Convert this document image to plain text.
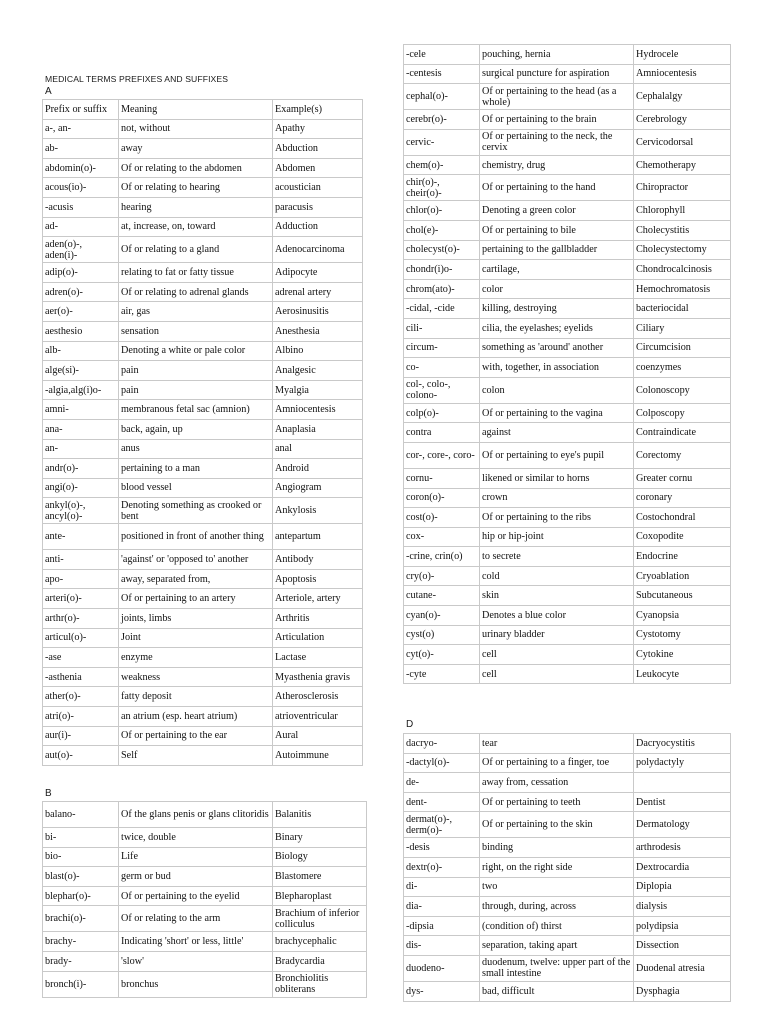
MEDICAL TERMS PREFIXES AND SUFFIXES
A
B
D
Prefix or suffix	Meaning	Example(s)
a-, an-	not, without	Apathy
ab-	away	Abduction
abdomin(o)-	Of or relating to the abdomen	Abdomen
acous(io)-	Of or relating to hearing	acoustician
-acusis	hearing	paracusis
ad-	at, increase, on, toward	Adduction
aden(o)-, aden(i)-	Of or relating to a gland	Adenocarcinoma
adip(o)-	relating to fat or fatty tissue	Adipocyte
adren(o)-	Of or relating to adrenal glands	adrenal artery
aer(o)-	air, gas	Aerosinusitis
aesthesio	sensation	Anesthesia
alb-	Denoting a white or pale color	Albino
alge(si)-	pain	Analgesic
-algia,alg(i)o-	pain	Myalgia
amni-	membranous fetal sac (amnion)	Amniocentesis
ana-	back, again, up	Anaplasia
an-	anus	anal
andr(o)-	pertaining to a man	Android
angi(o)-	blood vessel	Angiogram
ankyl(o)-, ancyl(o)-	Denoting something as crooked or bent	Ankylosis
ante-	positioned in front of another thing	antepartum
anti-	'against' or 'opposed to' another	Antibody
apo-	away, separated from,	Apoptosis
arteri(o)-	Of or pertaining to an artery	Arteriole, artery
arthr(o)-	joints, limbs	Arthritis
articul(o)-	Joint	Articulation
-ase	enzyme	Lactase
-asthenia	weakness	Myasthenia gravis
ather(o)-	fatty deposit	Atherosclerosis
atri(o)-	an atrium (esp. heart atrium)	atrioventricular
aur(i)-	Of or pertaining to the ear	Aural
aut(o)-	Self	Autoimmune
balano-	Of the glans penis or glans clitoridis	Balanitis
bi-	twice, double	Binary
bio-	Life	Biology
blast(o)-	germ or bud	Blastomere
blephar(o)-	Of or pertaining to the eyelid	Blepharoplast
brachi(o)-	Of or relating to the arm	Brachium of inferior colliculus
brachy-	Indicating 'short' or less, little'	brachycephalic
brady-	'slow'	Bradycardia
bronch(i)-	bronchus	Bronchiolitis obliterans
-cele	pouching, hernia	Hydrocele
-centesis	surgical puncture for aspiration	Amniocentesis
cephal(o)-	Of or pertaining to the head (as a whole)	Cephalalgy
cerebr(o)-	Of or pertaining to the brain	Cerebrology
cervic-	Of or pertaining to the neck, the cervix	Cervicodorsal
chem(o)-	chemistry, drug	Chemotherapy
chir(o)-, cheir(o)-	Of or pertaining to the hand	Chiropractor
chlor(o)-	Denoting a green color	Chlorophyll
chol(e)-	Of or pertaining to bile	Cholecystitis
cholecyst(o)-	pertaining to the gallbladder	Cholecystectomy
chondr(i)o-	cartilage,	Chondrocalcinosis
chrom(ato)-	color	Hemochromatosis
-cidal, -cide	killing, destroying	bacteriocidal
cili-	cilia, the eyelashes; eyelids	Ciliary
circum-	something as 'around' another	Circumcision
co-	with, together, in association	coenzymes
col-, colo-, colono-	colon	Colonoscopy
colp(o)-	Of or pertaining to the vagina	Colposcopy
contra	against	Contraindicate
cor-, core-, coro-	Of or pertaining to eye's pupil	Corectomy
cornu-	likened or similar to horns	Greater cornu
coron(o)-	crown	coronary
cost(o)-	Of or pertaining to the ribs	Costochondral
cox-	hip or hip-joint	Coxopodite
-crine, crin(o)	to secrete	Endocrine
cry(o)-	cold	Cryoablation
cutane-	skin	Subcutaneous
cyan(o)-	Denotes a blue color	Cyanopsia
cyst(o)	urinary bladder	Cystotomy
cyt(o)-	cell	Cytokine
-cyte	cell	Leukocyte
dacryo-	tear	Dacryocystitis
-dactyl(o)-	Of or pertaining to a finger, toe	polydactyly
de-	away from, cessation	
dent-	Of or pertaining to teeth	Dentist
dermat(o)-, derm(o)-	Of or pertaining to the skin	Dermatology
-desis	binding	arthrodesis
dextr(o)-	right, on the right side	Dextrocardia
di-	two	Diplopia
dia-	through, during, across	dialysis
-dipsia	(condition of) thirst	polydipsia
dis-	separation, taking apart	Dissection
duodeno-	duodenum, twelve: upper part of the small intestine	Duodenal atresia
dys-	bad, difficult	Dysphagia
